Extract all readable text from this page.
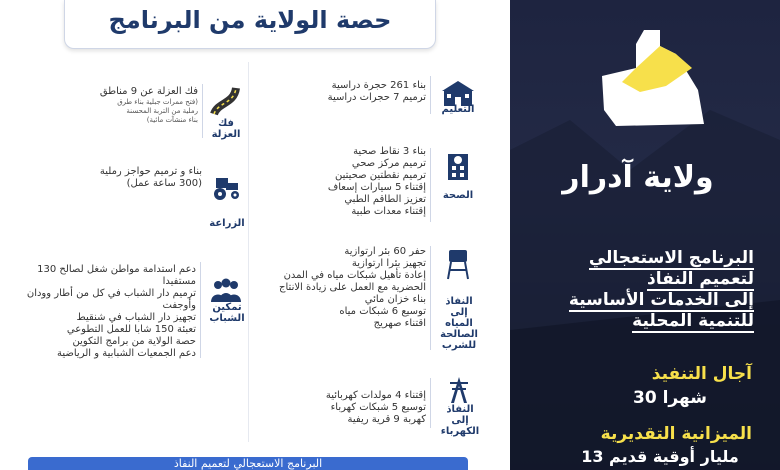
حصة الولاية من البرنامج
التعليم
بناء 261 حجرة دراسية
ترميم 7 حجرات دراسية
الصحة
بناء 3 نقاط صحية
ترميم مركز صحي
ترميم نقطتين صحيتين
إقتناء 5 سيارات إسعاف
تعزيز الطاقم الطبي
إقتناء معدات طبية
النفاذ إلى المياه الصالحة للشرب
حفر 60 بئر ارتوازية
تجهيز بئرا ارتوازية
إعادة تأهيل شبكات مياه في المدن الحضرية مع العمل على زيادة الانتاج
بناء خزان مائي
توسيع 6 شبكات مياه
اقتناء صهريج
النفاذ إلى الكهرباء
إقتناء 4 مولدات كهربائية
توسيع 5 شبكات كهرباء
كهربة 9 قرية ريفية
فك العزلة
فك العزلة عن 9 مناطق
(فتح ممرات جبلية بناء طرق
رملية من التربة المحسنة
بناء منشآت مائية)
الزراعة
بناء و ترميم حواجز رملية
(300 ساعة عمل)
تمكين الشباب
دعم استدامة مواطن شغل لصالح 130 مستفيدا
ترميم دار الشباب في كل من أطار وودان وأوجفت
تجهيز دار الشباب في شنقيط
تعبئة 150 شابا للعمل التطوعي
حصة الولاية من برامج التكوين
دعم الجمعيات الشبابية و الرياضية
البرنامج الاستعجالي لتعميم النفاذ
ولاية آدرار
البرنامج الاستعجالي
لتعميم النفاذ
إلى الخدمات الأساسية
للتنمية المحلية
آجال التنفيذ
30 شهرا
الميزانية التقديرية
13 مليار أوقية قديم
